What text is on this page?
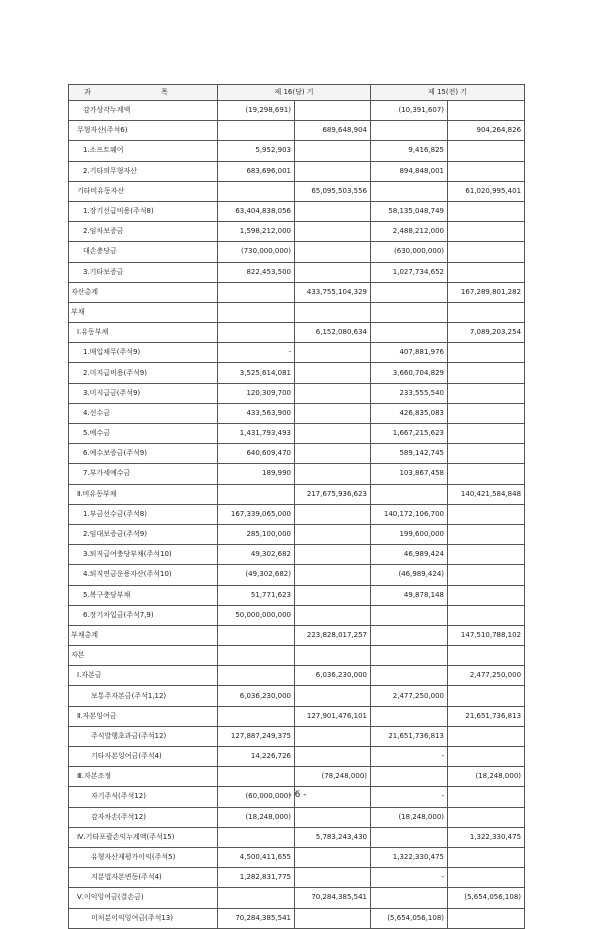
과 목	제 16(당) 기		제 15(전) 기	
감가상각누계액	(19,298,691)		(10,391,607)	
무형자산(주석6)		689,648,904		904,264,826
1.소프트웨어	5,952,903		9,416,825	
2.기타의무형자산	683,696,001		894,848,001	
기타비유동자산		65,095,503,556		61,020,995,401
1.장기선급비용(주석8)	63,404,838,056		58,135,048,749	
2.임차보증금	1,598,212,000		2,488,212,000	
대손충당금	(730,000,000)		(630,000,000)	
3.기타보증금	822,453,500		1,027,734,652	
자산총계		433,755,104,329		167,289,801,282
부채				
Ⅰ.유동부채		6,152,080,634		7,089,203,254
1.매입채무(주석9)	-		407,881,976	
2.미지급비용(주석9)	3,525,614,081		3,660,704,829	
3.미지급금(주석9)	120,309,700		233,555,540	
4.선수금	433,563,900		426,835,083	
5.예수금	1,431,793,493		1,667,215,623	
6.예수보증금(주석9)	640,609,470		589,142,745	
7.부가세예수금	189,990		103,867,458	
Ⅱ.비유동부채		217,675,936,623		140,421,584,848
1.부금선수금(주석8)	167,339,065,000		140,172,106,700	
2.임대보증금(주석9)	285,100,000		199,600,000	
3.퇴직급여충당부채(주석10)	49,302,682		46,989,424	
4.퇴직연금운용자산(주석10)	(49,302,682)		(46,989,424)	
5.복구충당부채	51,771,623		49,878,148	
6.장기차입금(주석7,9)	50,000,000,000			
부채총계		223,828,017,257		147,510,788,102
자본				
Ⅰ.자본금		6,036,230,000		2,477,250,000
보통주자본금(주석1,12)	6,036,230,000		2,477,250,000	
Ⅱ.자본잉여금		127,901,476,101		21,651,736,813
주식발행초과금(주석12)	127,887,249,375		21,651,736,813	
기타자본잉여금(주석4)	14,226,726		-	
Ⅲ.자본조정		(78,248,000)		(18,248,000)
자기주식(주석12)	(60,000,000)		-	
감자차손(주석12)	(18,248,000)		(18,248,000)	
Ⅳ.기타포괄손익누계액(주석15)		5,783,243,430		1,322,330,475
유형자산재평가이익(주석5)	4,500,411,655		1,322,330,475	
지분법자본변동(주석4)	1,282,831,775		-	
Ⅴ.이익잉여금(결손금)		70,284,385,541		(5,654,056,108)
미처분이익잉여금(주석13)	70,284,385,541		(5,654,056,108)	
- 6 -
